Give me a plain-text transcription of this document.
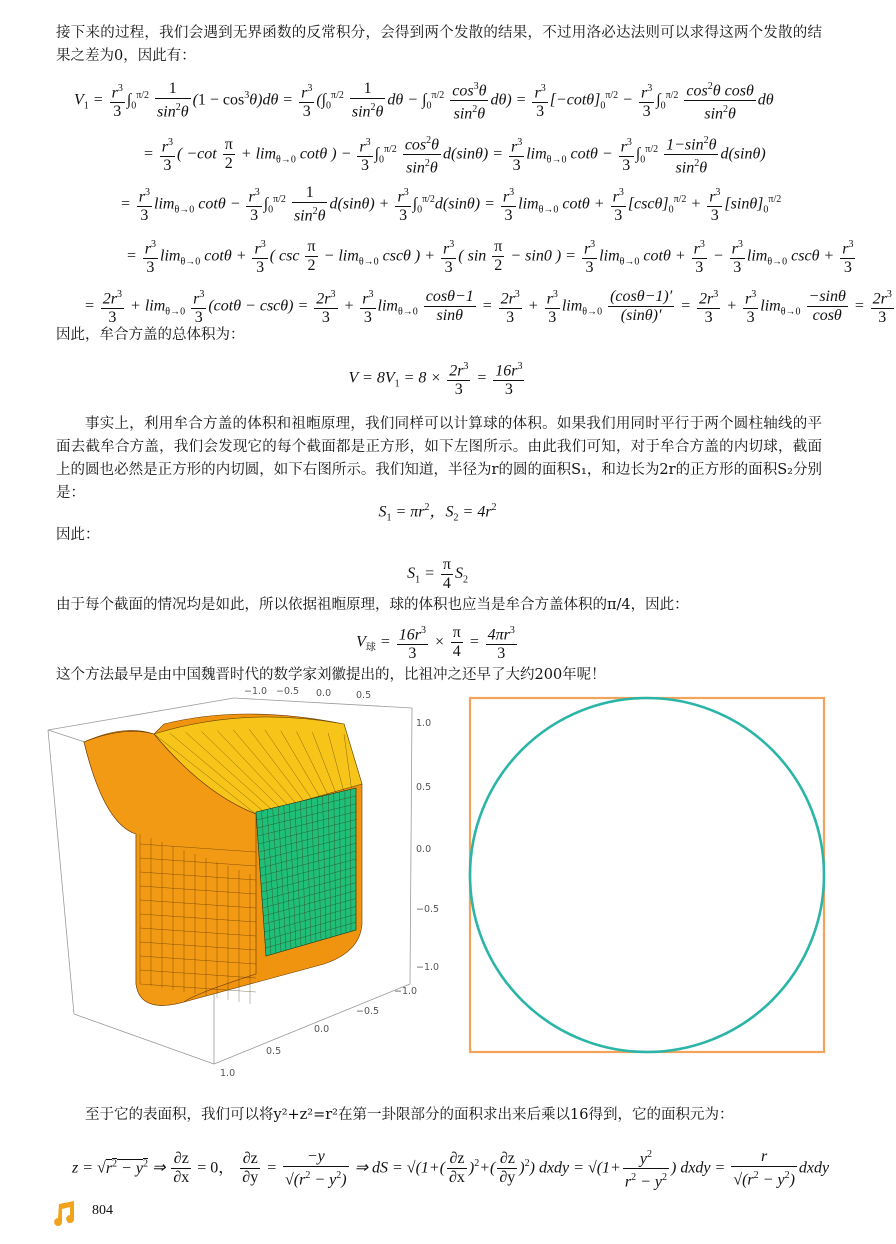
接下来的过程，我们会遇到无界函数的反常积分，会得到两个发散的结果，不过用洛必达法则可以求得这两个发散的结果之差为0，因此有：
$V_1 = \frac{r^3}{3} \int_0^{\pi/2} \frac{1}{\sin^2\theta} (1 - \cos^3\theta)d\theta = \frac{r^3}{3} (\int_0^{\pi/2} \frac{1}{\sin^2\theta}$ $d\theta - \int_0^{\pi/2} \frac{\cos^3\theta}{\sin^2\theta} d\theta) = \frac{r^3}{3} [-\cot\theta]_0^{\pi/2} - \frac{r^3}{3} \int_0^{\pi/2} \frac{\cos^2\theta \cos\theta}{\sin^2\theta}$ dθ
= $\frac{r^3}{3}$ ( $-\cot \frac{\pi}{2} + \lim_{\theta\to 0} \cot\theta$ ) − $\frac{r^3}{3} \int_0^{\pi/2} \frac{\cos^2\theta}{\sin^2\theta} d(\sin\theta) = \frac{r^3}{3} \lim_{\theta\to 0} \cot\theta - \frac{r^3}{3} \int_0^{\pi/2} \frac{1-\sin^2\theta}{\sin^2\theta} d(\sin\theta)$
= $\frac{r^3}{3} \lim_{\theta\to 0} \cot\theta - \frac{r^3}{3} \int_0^{\pi/2} \frac{1}{\sin^2\theta} d(\sin\theta) + \frac{r^3}{3} \int_0^{\pi/2}d(\sin\theta) = \frac{r^3}{3} \lim_{\theta\to 0} \cot\theta + \frac{r^3}{3} [\csc\theta]_0^{\pi/2} + \frac{r^3}{3} [\sin\theta]_0^{\pi/2}$
= $\frac{r^3}{3} \lim_{\theta\to 0} \cot\theta + \frac{r^3}{3}$ ( $\csc \frac{\pi}{2} - \lim_{\theta\to 0} \csc\theta$ ) + $\frac{r^3}{3}$ ( $\sin \frac{\pi}{2} - \sin 0$ ) = $\frac{r^3}{3} \lim_{\theta\to 0} \cot\theta + \frac{r^3}{3} - \frac{r^3}{3} \lim_{\theta\to 0} \csc\theta + \frac{r^3}{3}$
= $\frac{2r^3}{3} + \lim_{\theta\to 0} \frac{r^3}{3} (\cot\theta - \csc\theta) = \frac{2r^3}{3} + \frac{r^3}{3} \lim_{\theta\to 0} \frac{\cos\theta-1}{\sin\theta} = \frac{2r^3}{3} + \frac{r^3}{3} \lim_{\theta\to 0} \frac{(\cos\theta-1)'}{(\sin\theta)'} = \frac{2r^3}{3} + \frac{r^3}{3} \lim_{\theta\to 0} \frac{-\sin\theta}{\cos\theta} = \frac{2r^3}{3}$
因此，牟合方盖的总体积为：
$V = 8V_1 = 8 \times \frac{2r^3}{3} = \frac{16r^3}{3}$
事实上，利用牟合方盖的体积和祖暅原理，我们同样可以计算球的体积。如果我们用同时平行于两个圆柱轴线的平面去截牟合方盖，我们会发现它的每个截面都是正方形，如下左图所示。由此我们可知，对于牟合方盖的内切球，截面上的圆也必然是正方形的内切圆，如下右图所示。我们知道，半径为r的圆的面积S₁，和边长为2r的正方形的面积S₂分别是：
$S_1 = \pi r^2$，$S_2 = 4r^2$
因此：
$S_1 = \frac{\pi}{4} S_2$
由于每个截面的情况均是如此，所以依据祖暅原理，球的体积也应当是牟合方盖体积的π/4，因此：
$V_球 = \frac{16r^3}{3} \times \frac{\pi}{4} = \frac{4\pi r^3}{3}$
这个方法最早是由中国魏晋时代的数学家刘徽提出的，比祖冲之还早了大约200年呢！
−1.0 −0.5 0.0	0.5
1.0
0.5
0.0
−0.5
−1.0
−1.0
−0.5
0.0
0.5
1.0
至于它的表面积，我们可以将y²+z²=r²在第一卦限部分的面积求出来后乘以16得到，它的面积元为：
$z = √r^2 - y^2$ ⇒ $\frac{\partial z}{\partial x} = 0$， $\frac{\partial z}{\partial y} = \frac{-y}{√(r^2 - y^2)}$ ⇒ dS = $√(1+( \frac{\partial z}{\partial x} )^2+( \frac{\partial z}{\partial y} )^2)$ dxdy = $√(1+ \frac{y^2}{r^2 - y^2}$ ) dxdy = $\frac{r}{√(r^2 - y^2)}$ dxdy
804
